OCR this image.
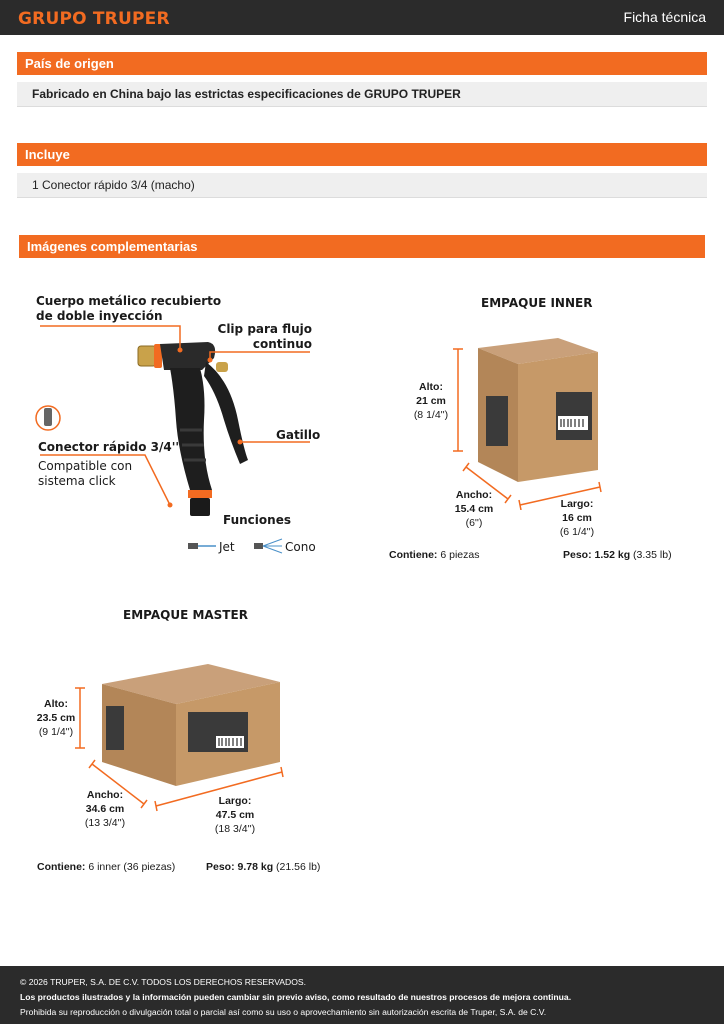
GRUPO TRUPER	Ficha técnica
País de origen
Fabricado en China bajo las estrictas especificaciones de GRUPO TRUPER
Incluye
1 Conector rápido 3/4 (macho)
Imágenes complementarias
Cuerpo metálico recubierto
de doble inyección
Clip para flujo
continuo
Gatillo
Conector rápido 3/4''
Compatible con
sistema click
Funciones
Jet	Cono
EMPAQUE INNER
Alto:
21 cm
(8 1/4'')
Ancho:
15.4 cm
(6'')
Largo:
16 cm
(6 1/4'')
Contiene: 6 piezas	Peso: 1.52 kg (3.35 lb)
EMPAQUE MASTER
Alto:
23.5 cm
(9 1/4'')
Ancho:
34.6 cm
(13 3/4'')
Largo:
47.5 cm
(18 3/4'')
Contiene: 6 inner (36 piezas)	Peso: 9.78 kg (21.56 lb)
© 2026 TRUPER, S.A. DE C.V. TODOS LOS DERECHOS RESERVADOS.
Los productos ilustrados y la información pueden cambiar sin previo aviso, como resultado de nuestros procesos de mejora continua.
Prohibida su reproducción o divulgación total o parcial así como su uso o aprovechamiento sin autorización escrita de Truper, S.A. de C.V.
